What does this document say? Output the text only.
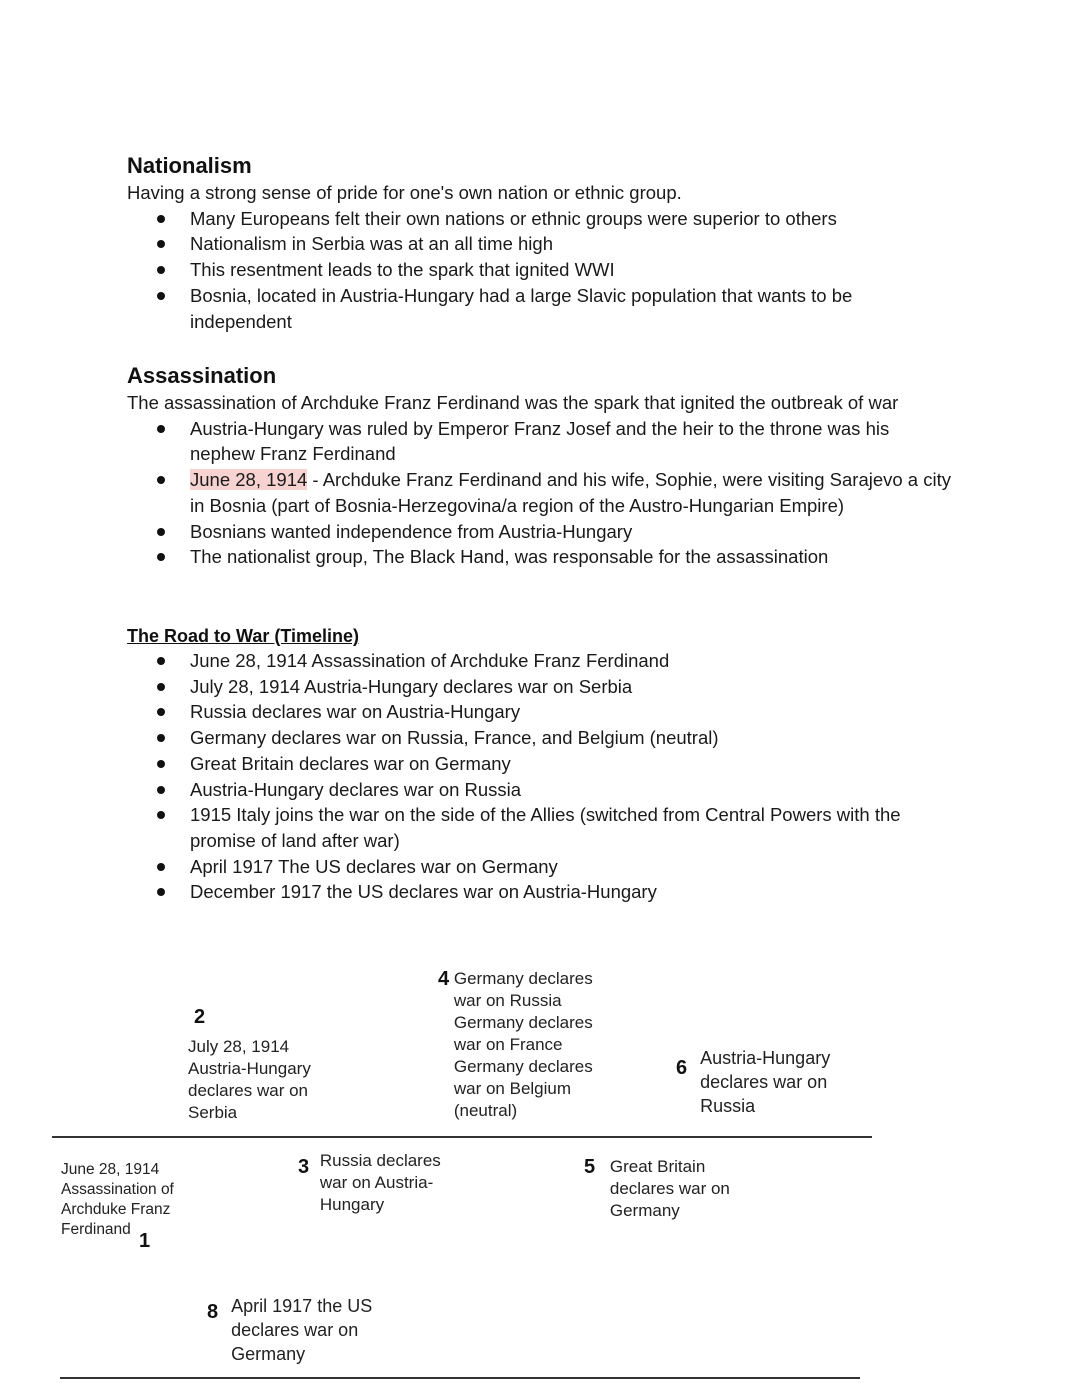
Nationalism

Having a strong sense of pride for one's own nation or ethnic group.

Many Europeans felt their own nations or ethnic groups were superior to others
Nationalism in Serbia was at an all time high
This resentment leads to the spark that ignited WWI
Bosnia, located in Austria-Hungary had a large Slavic population that wants to be independent
Assassination

The assassination of Archduke Franz Ferdinand was the spark that ignited the outbreak of war

Austria-Hungary was ruled by Emperor Franz Josef and the heir to the throne was his nephew Franz Ferdinand
June 28, 1914 - Archduke Franz Ferdinand and his wife, Sophie, were visiting Sarajevo a city in Bosnia (part of Bosnia-Herzegovina/a region of the Austro-Hungarian Empire)
Bosnians wanted independence from Austria-Hungary
The nationalist group, The Black Hand, was responsable for the assassination
The Road to War (Timeline)
June 28, 1914 Assassination of Archduke Franz Ferdinand
July 28, 1914 Austria-Hungary declares war on Serbia
Russia declares war on Austria-Hungary
Germany declares war on Russia, France, and Belgium (neutral)
Great Britain declares war on Germany
Austria-Hungary declares war on Russia
1915 Italy joins the war on the side of the Allies (switched from Central Powers with the promise of land after war)
April 1917 The US declares war on Germany
December 1917 the US declares war on Austria-Hungary
2
July 28, 1914 Austria-Hungary declares war on Serbia
4 Germany declares war on Russia Germany declares war on France Germany declares war on Belgium (neutral)
6 Austria-Hungary declares war on Russia
June 28, 1914 Assassination of Archduke Franz Ferdinand
1
3 Russia declares war on Austria-Hungary
5 Great Britain declares war on Germany
8 April 1917 the US declares war on Germany
